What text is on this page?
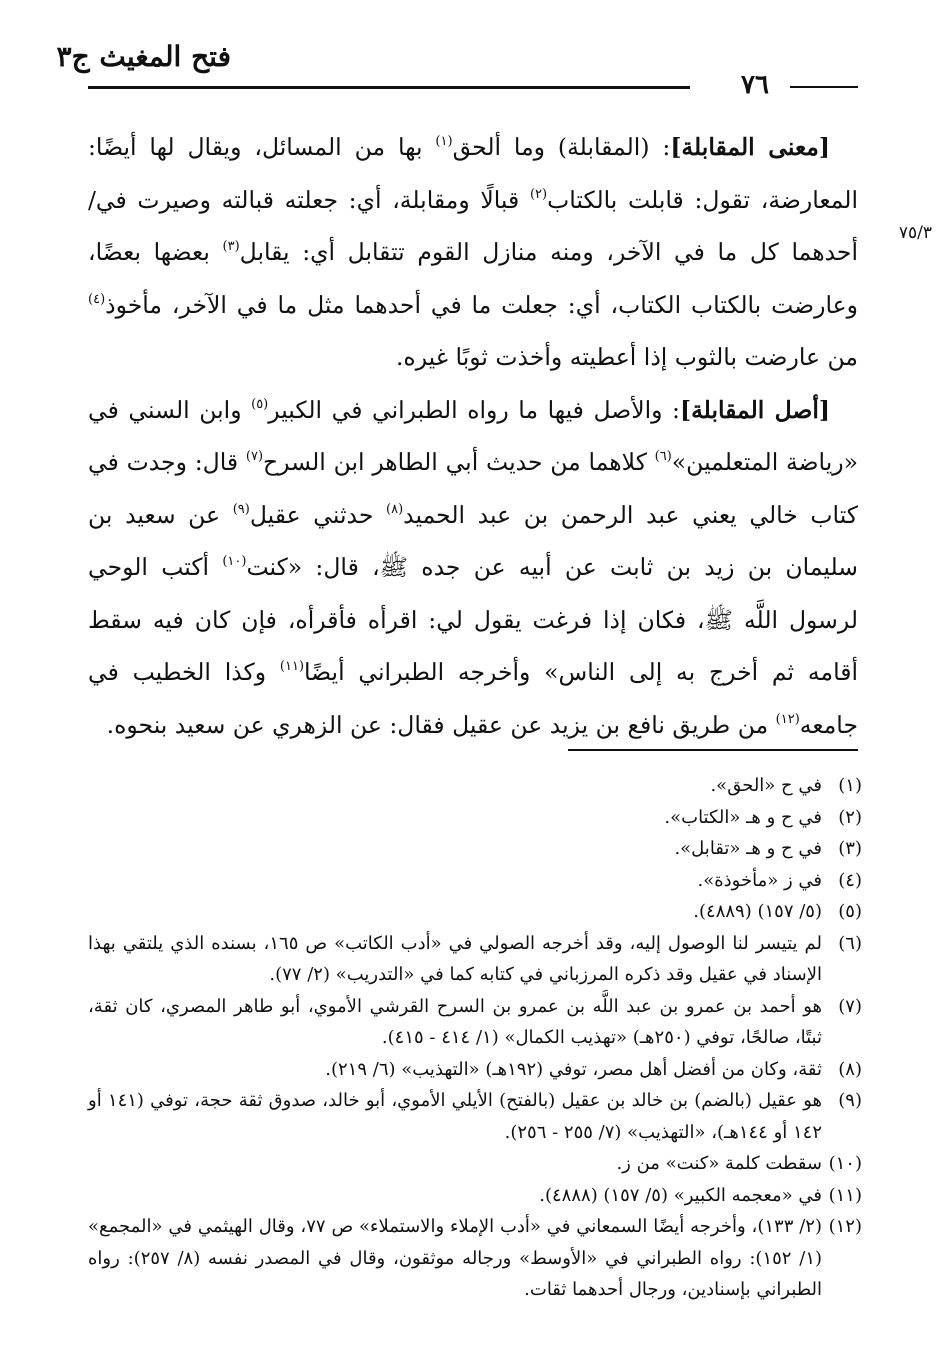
فتح المغيث ج٣
٧٦
٧٥/٣

[معنى المقابلة]: (المقابلة) وما ألحق$^{(١)}$ بها من المسائل، ويقال لها أيضًا: المعارضة، تقول: قابلت بالكتاب$^{(٢)}$ قبالًا ومقابلة، أي: جعلته قبالته وصيرت في/ أحدهما كل ما في الآخر، ومنه منازل القوم تتقابل أي: يقابل$^{(٣)}$ بعضها بعضًا، وعارضت بالكتاب الكتاب، أي: جعلت ما في أحدهما مثل ما في الآخر، مأخوذ$^{(٤)}$ من عارضت بالثوب إذا أعطيته وأخذت ثوبًا غيره.

[أصل المقابلة]: والأصل فيها ما رواه الطبراني في الكبير$^{(٥)}$ وابن السني في «رياضة المتعلمين»$^{(٦)}$ كلاهما من حديث أبي الطاهر ابن السرح$^{(٧)}$ قال: وجدت في كتاب خالي يعني عبد الرحمن بن عبد الحميد$^{(٨)}$ حدثني عقيل$^{(٩)}$ عن سعيد بن سليمان بن زيد بن ثابت عن أبيه عن جده ﷺ، قال: «كنت$^{(١٠)}$ أكتب الوحي لرسول اللَّه ﷺ، فكان إذا فرغت يقول لي: اقرأه فأقرأه، فإن كان فيه سقط أقامه ثم أخرج به إلى الناس» وأخرجه الطبراني أيضًا$^{(١١)}$ وكذا الخطيب في جامعه$^{(١٢)}$ من طريق نافع بن يزيد عن عقيل فقال: عن الزهري عن سعيد بنحوه.

(١)في ح «الحق».
(٢)في ح و هـ «الكتاب».
(٣)في ح و هـ «تقابل».
(٤)في ز «مأخوذة».
(٥)(٥/ ١٥٧) (٤٨٨٩).
(٦)لم يتيسر لنا الوصول إليه، وقد أخرجه الصولي في «أدب الكاتب» ص ١٦٥، بسنده الذي يلتقي بهذا الإسناد في عقيل وقد ذكره المرزباني في كتابه كما في «التدريب» (٢/ ٧٧).
(٧)هو أحمد بن عمرو بن عبد اللَّه بن عمرو بن السرح القرشي الأموي، أبو طاهر المصري، كان ثقة، ثبتًا، صالحًا، توفي (٢٥٠هـ) «تهذيب الكمال» (١/ ٤١٤ - ٤١٥).
(٨)ثقة، وكان من أفضل أهل مصر، توفي (١٩٢هـ) «التهذيب» (٦/ ٢١٩).
(٩)هو عقيل (بالضم) بن خالد بن عقيل (بالفتح) الأيلي الأموي، أبو خالد، صدوق ثقة حجة، توفي (١٤١ أو ١٤٢ أو ١٤٤هـ)، «التهذيب» (٧/ ٢٥٥ - ٢٥٦).
(١٠)سقطت كلمة «كنت» من ز.
(١١)في «معجمه الكبير» (٥/ ١٥٧) (٤٨٨٨).
(١٢)(٢/ ١٣٣)، وأخرجه أيضًا السمعاني في «أدب الإملاء والاستملاء» ص ٧٧، وقال الهيثمي في «المجمع» (١/ ١٥٢): رواه الطبراني في «الأوسط» ورجاله موثقون، وقال في المصدر نفسه (٨/ ٢٥٧): رواه الطبراني بإسنادين، ورجال أحدهما ثقات.
